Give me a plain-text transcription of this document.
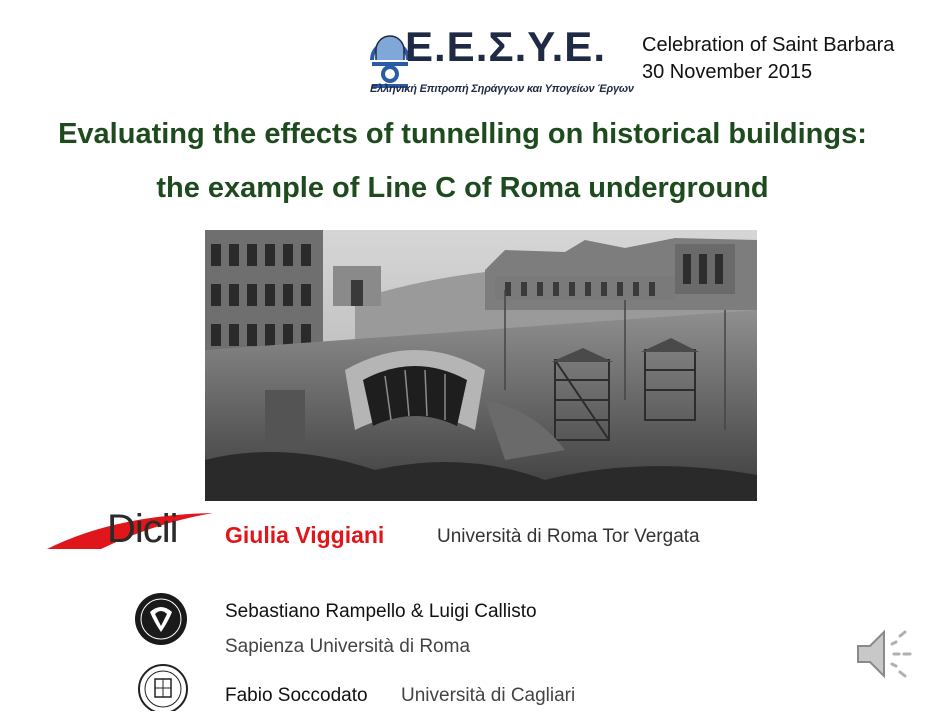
Ε.Ε.Σ.Υ.Ε.
Ελληνική Επιτροπή Σηράγγων και Υπογείων Έργων
Celebration of Saint Barbara
30 November 2015
Evaluating the effects of tunnelling on historical buildings:
the example of Line C of Roma underground
Dicii Giulia Viggiani	Università di Roma Tor Vergata
Sebastiano Rampello & Luigi Callisto
Sapienza Università di Roma
Fabio Soccodato Università di Cagliari
